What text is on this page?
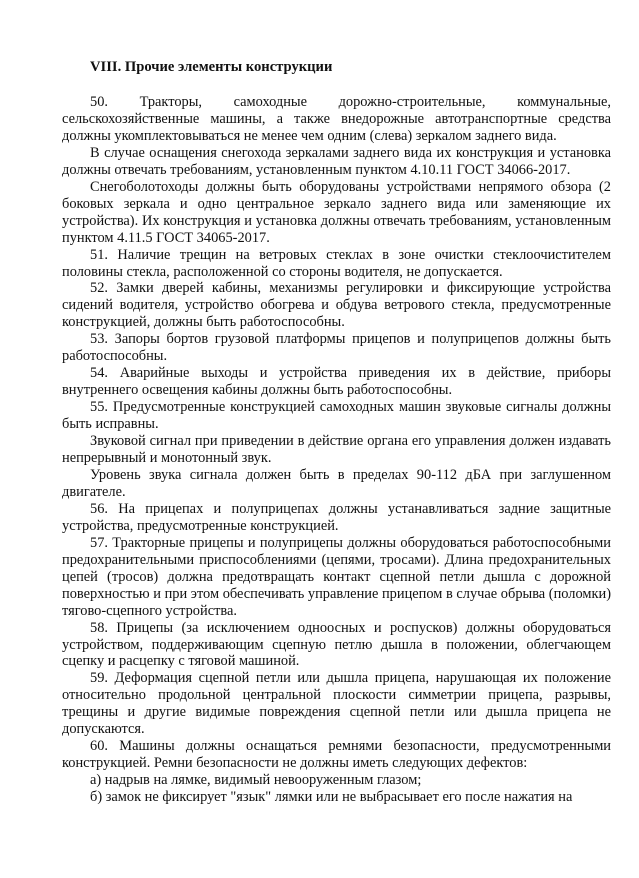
VIII. Прочие элементы конструкции

50. Тракторы, самоходные дорожно-строительные, коммунальные, сельскохозяйственные машины, а также внедорожные автотранспортные средства должны укомплектовываться не менее чем одним (слева) зеркалом заднего вида.

В случае оснащения снегохода зеркалами заднего вида их конструкция и установка должны отвечать требованиям, установленным пунктом 4.10.11 ГОСТ 34066-2017.

Снегоболотоходы должны быть оборудованы устройствами непрямого обзора (2 боковых зеркала и одно центральное зеркало заднего вида или заменяющие их устройства). Их конструкция и установка должны отвечать требованиям, установленным пунктом 4.11.5 ГОСТ 34065-2017.

51. Наличие трещин на ветровых стеклах в зоне очистки стеклоочистителем половины стекла, расположенной со стороны водителя, не допускается.

52. Замки дверей кабины, механизмы регулировки и фиксирующие устройства сидений водителя, устройство обогрева и обдува ветрового стекла, предусмотренные конструкцией, должны быть работоспособны.

53. Запоры бортов грузовой платформы прицепов и полуприцепов должны быть работоспособны.

54. Аварийные выходы и устройства приведения их в действие, приборы внутреннего освещения кабины должны быть работоспособны.

55. Предусмотренные конструкцией самоходных машин звуковые сигналы должны быть исправны.

Звуковой сигнал при приведении в действие органа его управления должен издавать непрерывный и монотонный звук.

Уровень звука сигнала должен быть в пределах 90-112 дБА при заглушенном двигателе.

56. На прицепах и полуприцепах должны устанавливаться задние защитные устройства, предусмотренные конструкцией.

57. Тракторные прицепы и полуприцепы должны оборудоваться работоспособными предохранительными приспособлениями (цепями, тросами). Длина предохранительных цепей (тросов) должна предотвращать контакт сцепной петли дышла с дорожной поверхностью и при этом обеспечивать управление прицепом в случае обрыва (поломки) тягово-сцепного устройства.

58. Прицепы (за исключением одноосных и роспусков) должны оборудоваться устройством, поддерживающим сцепную петлю дышла в положении, облегчающем сцепку и расцепку с тяговой машиной.

59. Деформация сцепной петли или дышла прицепа, нарушающая их положение относительно продольной центральной плоскости симметрии прицепа, разрывы, трещины и другие видимые повреждения сцепной петли или дышла прицепа не допускаются.

60. Машины должны оснащаться ремнями безопасности, предусмотренными конструкцией. Ремни безопасности не должны иметь следующих дефектов:

а) надрыв на лямке, видимый невооруженным глазом;

б) замок не фиксирует "язык" лямки или не выбрасывает его после нажатия на
